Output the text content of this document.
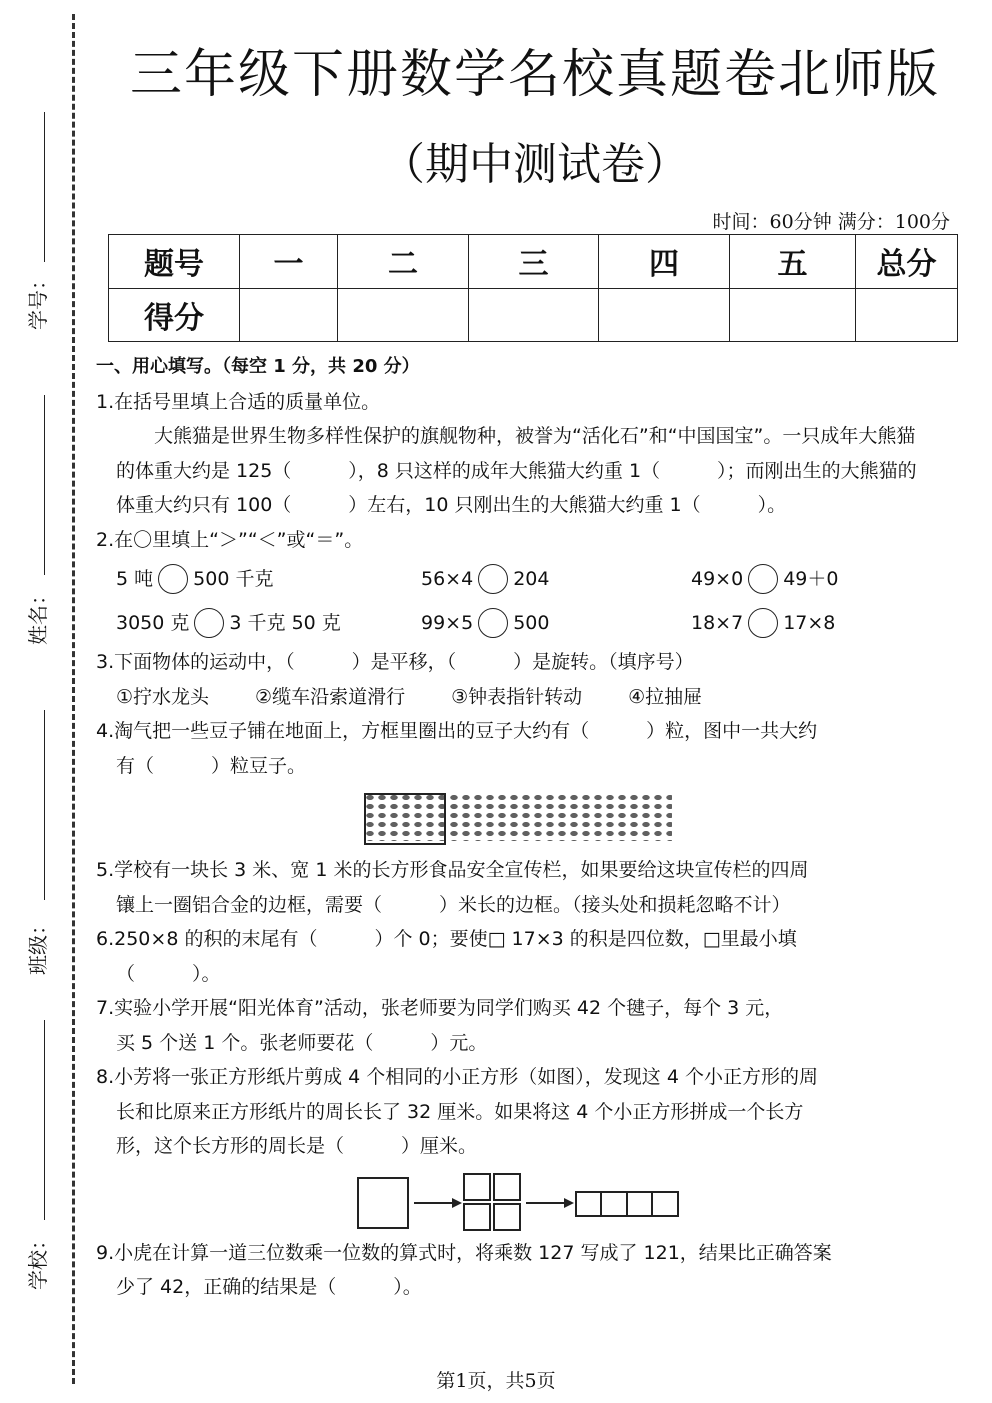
学号：
姓名：
班级：
学校：
三年级下册数学名校真题卷北师版
（期中测试卷）
时间：60分钟 满分：100分
题号	一	二	三	四	五	总分
得分						
一、用心填写。（每空 1 分，共 20 分）
1.在括号里填上合适的质量单位。
大熊猫是世界生物多样性保护的旗舰物种，被誉为“活化石”和“中国国宝”。一只成年大熊猫的体重大约是 125（　　　），8 只这样的成年大熊猫大约重 1（　　　）；而刚出生的大熊猫的体重大约只有 100（　　　）左右，10 只刚出生的大熊猫大约重 1（　　　）。
2.在〇里填上“＞”“＜”或“＝”。
5 吨 500 千克	56×4 204	49×0 49＋0
3050 克 3 千克 50 克	99×5 500	18×7 17×8
3.下面物体的运动中，（　　　）是平移，（　　　）是旋转。（填序号）
①拧水龙头 ②缆车沿索道滑行 ③钟表指针转动 ④拉抽屉
4.淘气把一些豆子铺在地面上，方框里圈出的豆子大约有（　　　）粒，图中一共大约
有（　　　）粒豆子。
5.学校有一块长 3 米、宽 1 米的长方形食品安全宣传栏，如果要给这块宣传栏的四周
镶上一圈铝合金的边框，需要（　　　）米长的边框。（接头处和损耗忽略不计）
6.250×8 的积的末尾有（　　　）个 0；要使□ 17×3 的积是四位数，□里最小填
（　　　）。
7.实验小学开展“阳光体育”活动，张老师要为同学们购买 42 个毽子，每个 3 元，
买 5 个送 1 个。张老师要花（　　　）元。
8.小芳将一张正方形纸片剪成 4 个相同的小正方形（如图），发现这 4 个小正方形的周
长和比原来正方形纸片的周长长了 32 厘米。如果将这 4 个小正方形拼成一个长方
形，这个长方形的周长是（　　　）厘米。
9.小虎在计算一道三位数乘一位数的算式时，将乘数 127 写成了 121，结果比正确答案
少了 42，正确的结果是（　　　）。
第1页，共5页
